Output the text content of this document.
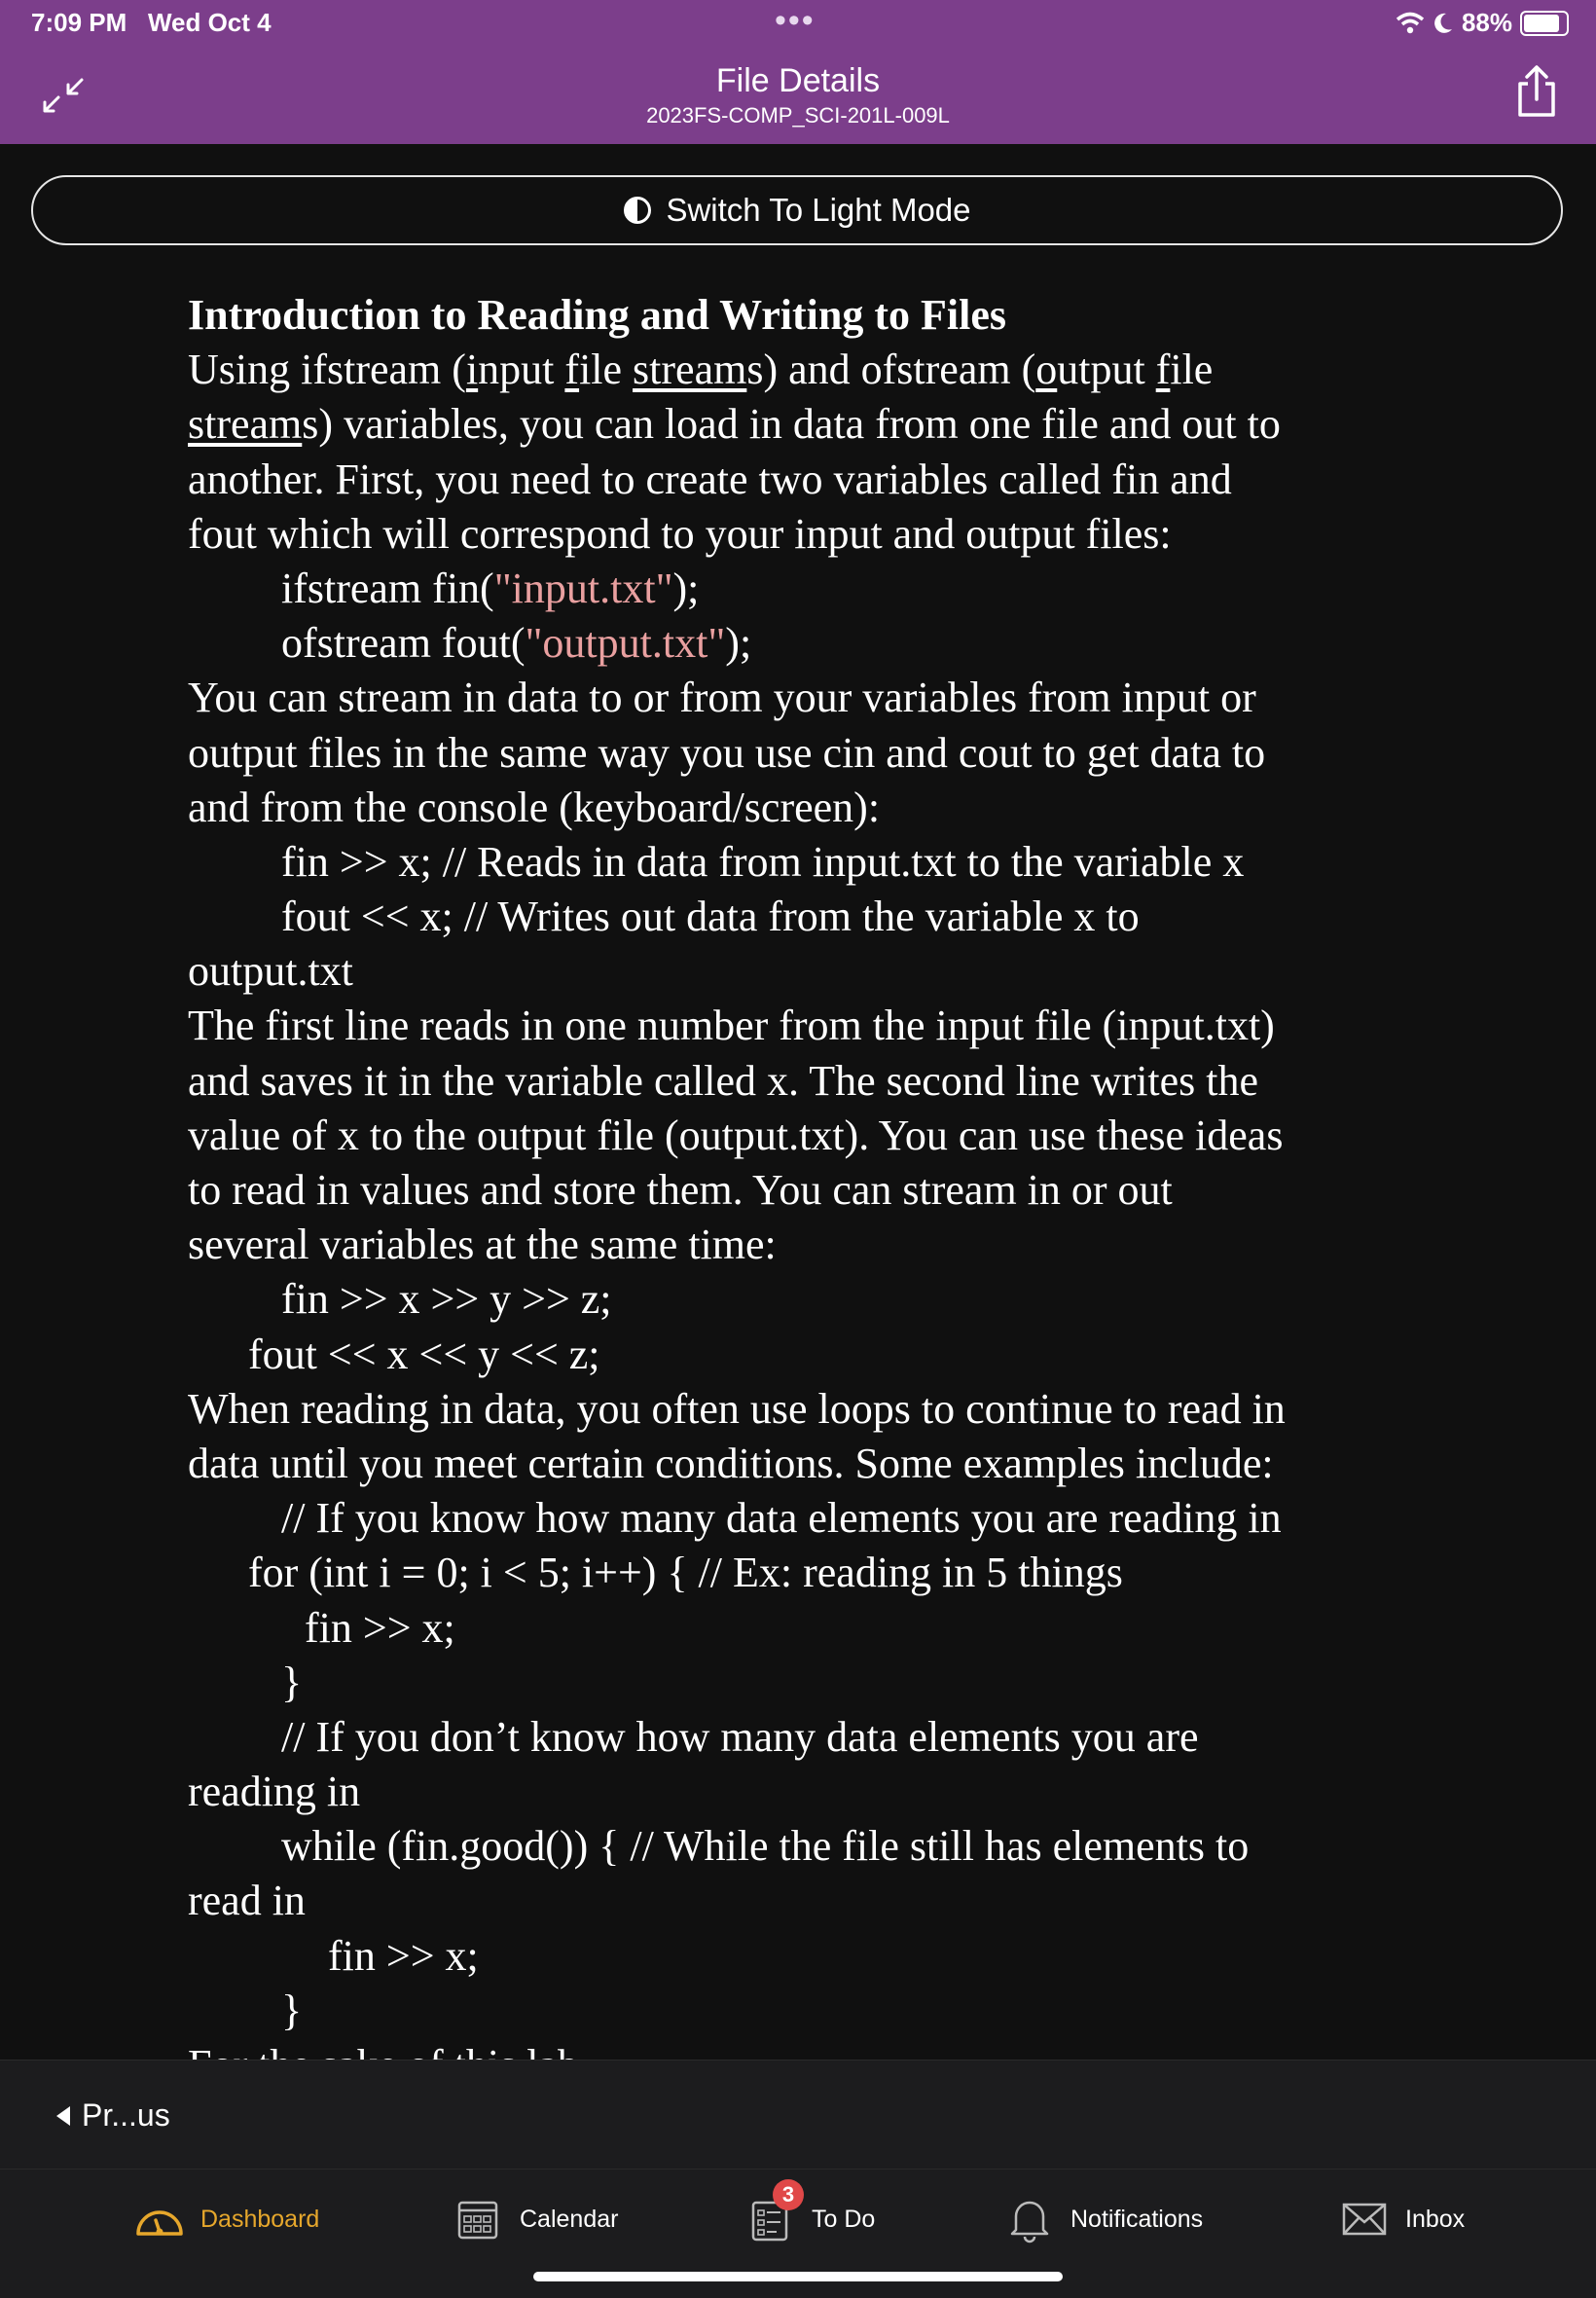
7:09 PM Wed Oct 4	•••	88%
File Details
2023FS-COMP_SCI-201L-009L
Switch To Light Mode
Introduction to Reading and Writing to Files
Using ifstream (input file streams) and ofstream (output file
streams) variables, you can load in data from one file and out to
another. First, you need to create two variables called fin and
fout which will correspond to your input and output files:
ifstream fin("input.txt");
ofstream fout("output.txt");
You can stream in data to or from your variables from input or
output files in the same way you use cin and cout to get data to
and from the console (keyboard/screen):
fin >> x; // Reads in data from input.txt to the variable x
fout << x; // Writes out data from the variable x to
output.txt
The first line reads in one number from the input file (input.txt)
and saves it in the variable called x. The second line writes the
value of x to the output file (output.txt). You can use these ideas
to read in values and store them. You can stream in or out
several variables at the same time:
fin >> x >> y >> z;
fout << x << y << z;
When reading in data, you often use loops to continue to read in
data until you meet certain conditions. Some examples include:
// If you know how many data elements you are reading in
for (int i = 0; i < 5; i++) { // Ex: reading in 5 things
fin >> x;
}
// If you don’t know how many data elements you are
reading in
while (fin.good()) { // While the file still has elements to
read in
fin >> x;
}
Pr...us
Dashboard	Calendar
3
To Do	Notifications	Inbox
